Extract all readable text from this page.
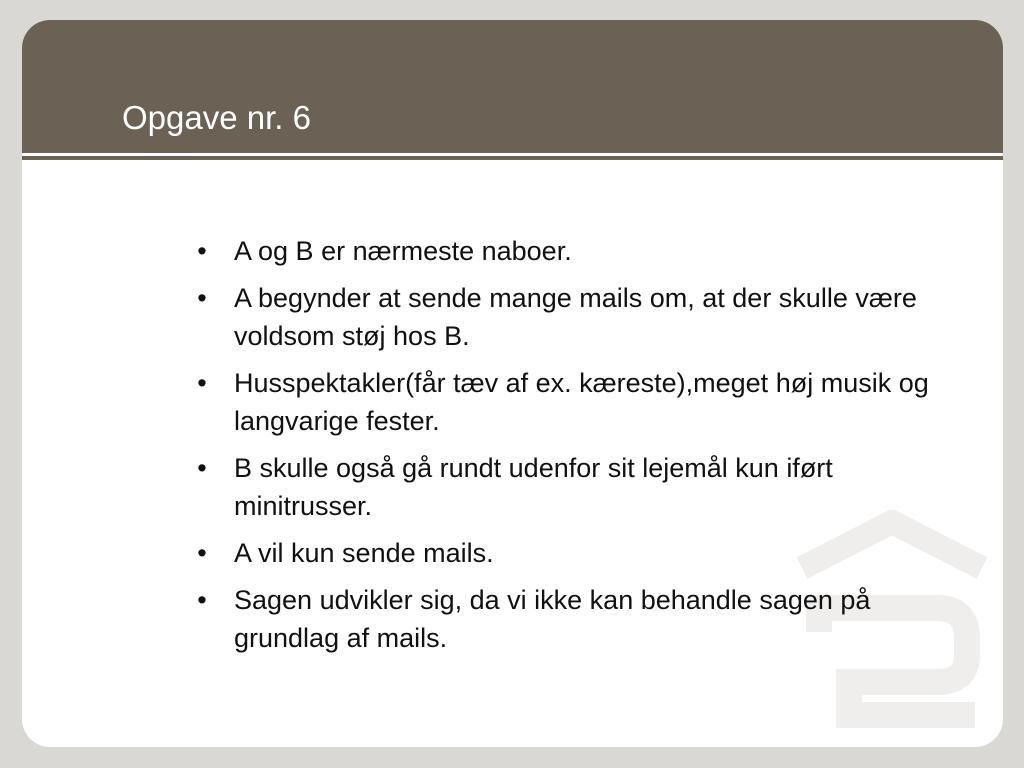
Opgave nr. 6
• A og B er nærmeste naboer.
• A begynder at sende mange mails om, at der skulle være voldsom støj hos B.
• Husspektakler(får tæv af ex. kæreste),meget høj musik og langvarige fester.
• B skulle også gå rundt udenfor sit lejemål kun iført minitrusser.
• A vil kun sende mails.
• Sagen udvikler sig, da vi ikke kan behandle sagen på grundlag af mails.
